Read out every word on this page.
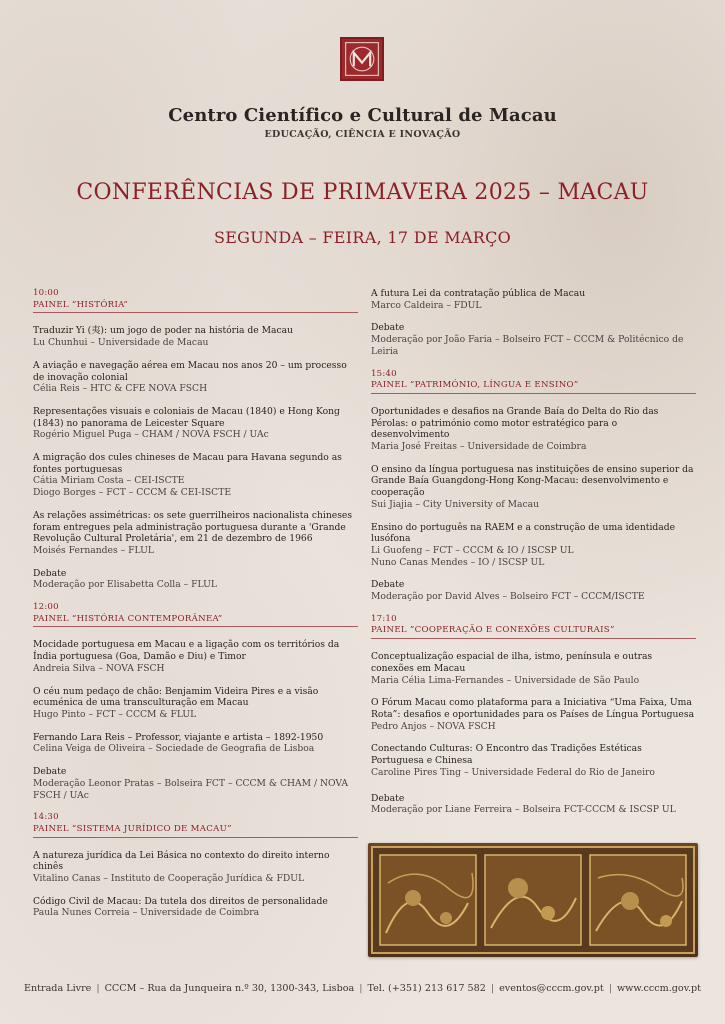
Centro Científico e Cultural de Macau
EDUCAÇÃO, CIÊNCIA E INOVAÇÃO
CONFERÊNCIAS DE PRIMAVERA 2025 – MACAU
SEGUNDA – FEIRA, 17 DE MARÇO
10:00
PAINEL “HISTÓRIA”
Traduzir Yi (夷): um jogo de poder na história de Macau
Lu Chunhui – Universidade de Macau
A aviação e navegação aérea em Macau nos anos 20 – um processo de inovação colonial
Célia Reis – HTC & CFE NOVA FSCH
Representações visuais e coloniais de Macau (1840) e Hong Kong (1843) no panorama de Leicester Square
Rogério Miguel Puga – CHAM / NOVA FSCH / UAc
A migração dos cules chineses de Macau para Havana segundo as fontes portuguesas
Cátia Miriam Costa – CEI-ISCTE
Diogo Borges – FCT – CCCM & CEI-ISCTE
As relações assimétricas: os sete guerrilheiros nacionalista chineses foram entregues pela administração portuguesa durante a 'Grande Revolução Cultural Proletária', em 21 de dezembro de 1966
Moisés Fernandes – FLUL
Debate
Moderação por Elisabetta Colla – FLUL
12:00
PAINEL “HISTÓRIA CONTEMPORÂNEA”
Mocidade portuguesa em Macau e a ligação com os territórios da Índia portuguesa (Goa, Damão e Diu) e Timor
Andreia Silva – NOVA FSCH
O céu num pedaço de chão: Benjamim Videira Pires e a visão ecuménica de uma transculturação em Macau
Hugo Pinto – FCT – CCCM & FLUL
Fernando Lara Reis – Professor, viajante e artista – 1892-1950
Celina Veiga de Oliveira – Sociedade de Geografia de Lisboa
Debate
Moderação Leonor Pratas – Bolseira FCT – CCCM & CHAM / NOVA FSCH / UAc
14:30
PAINEL “SISTEMA JURÍDICO DE MACAU”
A natureza jurídica da Lei Básica no contexto do direito interno chinês
Vitalino Canas – Instituto de Cooperação Jurídica & FDUL
Código Civil de Macau: Da tutela dos direitos de personalidade
Paula Nunes Correia – Universidade de Coimbra
A futura Lei da contratação pública de Macau
Marco Caldeira – FDUL
Debate
Moderação por João Faria – Bolseiro FCT – CCCM & Politécnico de Leiria
15:40
PAINEL “PATRIMÓNIO, LÍNGUA E ENSINO”
Oportunidades e desafios na Grande Baía do Delta do Rio das Pérolas: o património como motor estratégico para o desenvolvimento
Maria José Freitas – Universidade de Coimbra
O ensino da língua portuguesa nas instituições de ensino superior da Grande Baía Guangdong-Hong Kong-Macau: desenvolvimento e cooperação
Sui Jiajia – City University of Macau
Ensino do português na RAEM e a construção de uma identidade lusófona
Li Guofeng – FCT – CCCM & IO / ISCSP UL
Nuno Canas Mendes – IO / ISCSP UL
Debate
Moderação por David Alves – Bolseiro FCT – CCCM/ISCTE
17:10
PAINEL “COOPERAÇÃO E CONEXÕES CULTURAIS”
Conceptualização espacial de ilha, istmo, península e outras conexões em Macau
Maria Célia Lima-Fernandes – Universidade de São Paulo
O Fórum Macau como plataforma para a Iniciativa “Uma Faixa, Uma Rota”: desafios e oportunidades para os Países de Língua Portuguesa
Pedro Anjos – NOVA FSCH
Conectando Culturas: O Encontro das Tradições Estéticas Portuguesa e Chinesa
Caroline Pires Ting – Universidade Federal do Rio de Janeiro
Debate
Moderação por Liane Ferreira – Bolseira FCT-CCCM & ISCSP UL
Entrada Livre | CCCM – Rua da Junqueira n.º 30, 1300-343, Lisboa | Tel. (+351) 213 617 582 | eventos@cccm.gov.pt | www.cccm.gov.pt
